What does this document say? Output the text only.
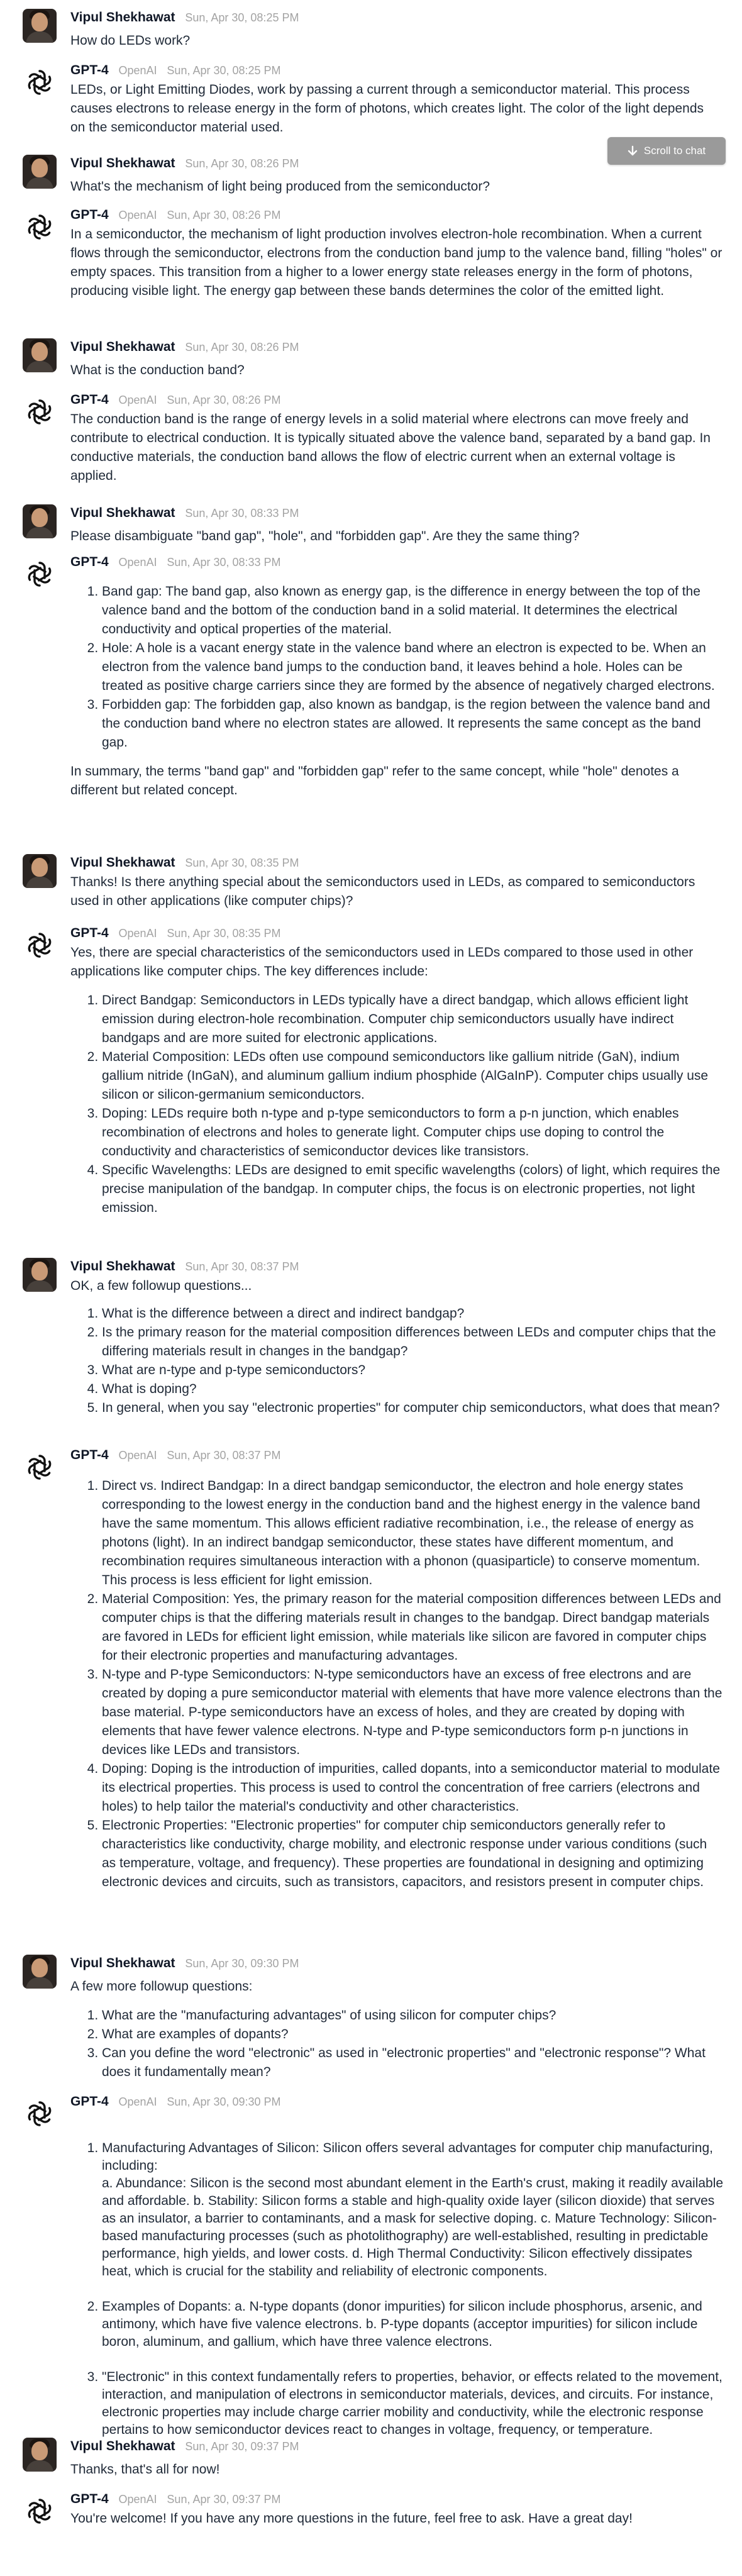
Vipul Shekhawat Sun, Apr 30, 08:25 PM

How do LEDs work?

GPT-4 OpenAI Sun, Apr 30, 08:25 PM

LEDs, or Light Emitting Diodes, work by passing a current through a semiconductor material. This process causes electrons to release energy in the form of photons, which creates light. The color of the light depends on the semiconductor material used.

Scroll to chat
Vipul Shekhawat Sun, Apr 30, 08:26 PM

What's the mechanism of light being produced from the semiconductor?

GPT-4 OpenAI Sun, Apr 30, 08:26 PM

In a semiconductor, the mechanism of light production involves electron-hole recombination. When a current flows through the semiconductor, electrons from the conduction band jump to the valence band, filling "holes" or empty spaces. This transition from a higher to a lower energy state releases energy in the form of photons, producing visible light. The energy gap between these bands determines the color of the emitted light.

Vipul Shekhawat Sun, Apr 30, 08:26 PM

What is the conduction band?

GPT-4 OpenAI Sun, Apr 30, 08:26 PM

The conduction band is the range of energy levels in a solid material where electrons can move freely and contribute to electrical conduction. It is typically situated above the valence band, separated by a band gap. In conductive materials, the conduction band allows the flow of electric current when an external voltage is applied.

Vipul Shekhawat Sun, Apr 30, 08:33 PM

Please disambiguate "band gap", "hole", and "forbidden gap". Are they the same thing?

GPT-4 OpenAI Sun, Apr 30, 08:33 PM
1. Band gap: The band gap, also known as energy gap, is the difference in energy between the top of the valence band and the bottom of the conduction band in a solid material. It determines the electrical conductivity and optical properties of the material.
2. Hole: A hole is a vacant energy state in the valence band where an electron is expected to be. When an electron from the valence band jumps to the conduction band, it leaves behind a hole. Holes can be treated as positive charge carriers since they are formed by the absence of negatively charged electrons.
3. Forbidden gap: The forbidden gap, also known as bandgap, is the region between the valence band and the conduction band where no electron states are allowed. It represents the same concept as the band gap.

In summary, the terms "band gap" and "forbidden gap" refer to the same concept, while "hole" denotes a different but related concept.

Vipul Shekhawat Sun, Apr 30, 08:35 PM

Thanks! Is there anything special about the semiconductors used in LEDs, as compared to semiconductors used in other applications (like computer chips)?

GPT-4 OpenAI Sun, Apr 30, 08:35 PM

Yes, there are special characteristics of the semiconductors used in LEDs compared to those used in other applications like computer chips. The key differences include:

1. Direct Bandgap: Semiconductors in LEDs typically have a direct bandgap, which allows efficient light emission during electron-hole recombination. Computer chip semiconductors usually have indirect bandgaps and are more suited for electronic applications.
2. Material Composition: LEDs often use compound semiconductors like gallium nitride (GaN), indium gallium nitride (InGaN), and aluminum gallium indium phosphide (AlGaInP). Computer chips usually use silicon or silicon-germanium semiconductors.
3. Doping: LEDs require both n-type and p-type semiconductors to form a p-n junction, which enables recombination of electrons and holes to generate light. Computer chips use doping to control the conductivity and characteristics of semiconductor devices like transistors.
4. Specific Wavelengths: LEDs are designed to emit specific wavelengths (colors) of light, which requires the precise manipulation of the bandgap. In computer chips, the focus is on electronic properties, not light emission.
Vipul Shekhawat Sun, Apr 30, 08:37 PM

OK, a few followup questions...

1. What is the difference between a direct and indirect bandgap?
2. Is the primary reason for the material composition differences between LEDs and computer chips that the differing materials result in changes in the bandgap?
3. What are n-type and p-type semiconductors?
4. What is doping?
5. In general, when you say "electronic properties" for computer chip semiconductors, what does that mean?
GPT-4 OpenAI Sun, Apr 30, 08:37 PM
1. Direct vs. Indirect Bandgap: In a direct bandgap semiconductor, the electron and hole energy states corresponding to the lowest energy in the conduction band and the highest energy in the valence band have the same momentum. This allows efficient radiative recombination, i.e., the release of energy as photons (light). In an indirect bandgap semiconductor, these states have different momentum, and recombination requires simultaneous interaction with a phonon (quasiparticle) to conserve momentum. This process is less efficient for light emission.
2. Material Composition: Yes, the primary reason for the material composition differences between LEDs and computer chips is that the differing materials result in changes to the bandgap. Direct bandgap materials are favored in LEDs for efficient light emission, while materials like silicon are favored in computer chips for their electronic properties and manufacturing advantages.
3. N-type and P-type Semiconductors: N-type semiconductors have an excess of free electrons and are created by doping a pure semiconductor material with elements that have more valence electrons than the base material. P-type semiconductors have an excess of holes, and they are created by doping with elements that have fewer valence electrons. N-type and P-type semiconductors form p-n junctions in devices like LEDs and transistors.
4. Doping: Doping is the introduction of impurities, called dopants, into a semiconductor material to modulate its electrical properties. This process is used to control the concentration of free carriers (electrons and holes) to help tailor the material's conductivity and other characteristics.
5. Electronic Properties: "Electronic properties" for computer chip semiconductors generally refer to characteristics like conductivity, charge mobility, and electronic response under various conditions (such as temperature, voltage, and frequency). These properties are foundational in designing and optimizing electronic devices and circuits, such as transistors, capacitors, and resistors present in computer chips.
Vipul Shekhawat Sun, Apr 30, 09:30 PM

A few more followup questions:

1. What are the "manufacturing advantages" of using silicon for computer chips?
2. What are examples of dopants?
3. Can you define the word "electronic" as used in "electronic properties" and "electronic response"? What does it fundamentally mean?
GPT-4 OpenAI Sun, Apr 30, 09:30 PM

1. Manufacturing Advantages of Silicon: Silicon offers several advantages for computer chip manufacturing, including:
a. Abundance: Silicon is the second most abundant element in the Earth's crust, making it readily available and affordable. b. Stability: Silicon forms a stable and high-quality oxide layer (silicon dioxide) that serves as an insulator, a barrier to contaminants, and a mask for selective doping. c. Mature Technology: Silicon-based manufacturing processes (such as photolithography) are well-established, resulting in predictable performance, high yields, and lower costs. d. High Thermal Conductivity: Silicon effectively dissipates heat, which is crucial for the stability and reliability of electronic components.

2. Examples of Dopants: a. N-type dopants (donor impurities) for silicon include phosphorus, arsenic, and antimony, which have five valence electrons. b. P-type dopants (acceptor impurities) for silicon include boron, aluminum, and gallium, which have three valence electrons.

3. "Electronic" in this context fundamentally refers to properties, behavior, or effects related to the movement, interaction, and manipulation of electrons in semiconductor materials, devices, and circuits. For instance, electronic properties may include charge carrier mobility and conductivity, while the electronic response pertains to how semiconductor devices react to changes in voltage, frequency, or temperature.

Vipul Shekhawat Sun, Apr 30, 09:37 PM

Thanks, that's all for now!

GPT-4 OpenAI Sun, Apr 30, 09:37 PM

You're welcome! If you have any more questions in the future, feel free to ask. Have a great day!
